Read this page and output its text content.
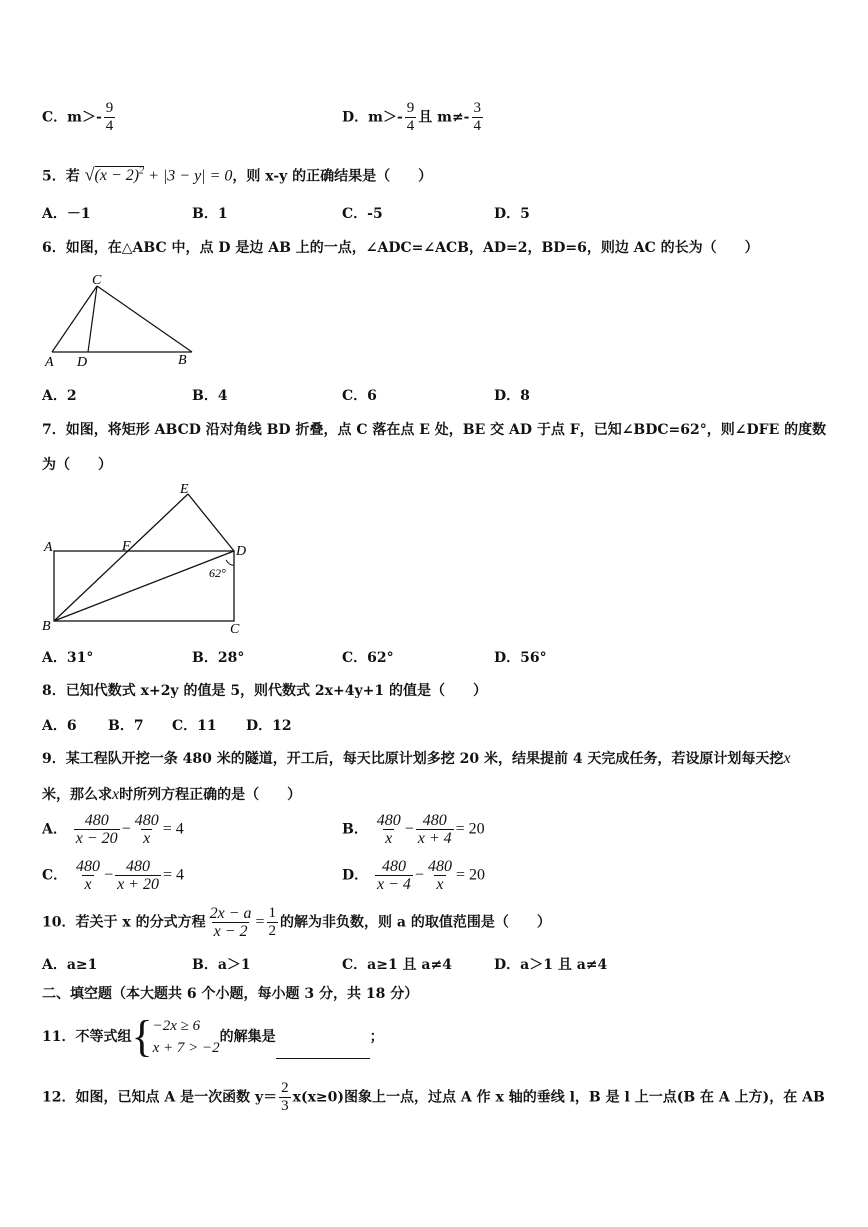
C．$m>- \frac{9}{4}$	D．$m>- \frac{9}{4}$ 且 $m\ne- \frac{3}{4}$
5．若 $√(x - 2)^2 + |3 - y| = 0$，则 x-y 的正确结果是（　　）
A．－1	B．1	C．-5	D．5
6．如图，在△ABC 中，点 D 是边 AB 上的一点，∠ADC=∠ACB，AD=2，BD=6，则边 AC 的长为（　　）
C
A D	B
A．2	B．4	C．6	D．8
7．如图，将矩形 ABCD 沿对角线 BD 折叠，点 C 落在点 E 处，BE 交 AD 于点 F，已知∠BDC=62°，则∠DFE 的度数
为（　　）
E
A	F	D
B	C
62°
A．31°	B．28°	C．62°	D．56°
8．已知代数式 x+2y 的值是 5，则代数式 2x+4y+1 的值是（　　）
A．6 B．7 C．11 D．12
9．某工程队开挖一条 480 米的隧道，开工后，每天比原计划多挖 20 米，结果提前 4 天完成任务，若设原计划每天挖x
米，那么求x时所列方程正确的是（　　）
A． $\frac{480}{x - 20} - \frac{480}{x} = 4$	B． $\frac{480}{x} - \frac{480}{x + 4} = 20$
C． $\frac{480}{x} - \frac{480}{x + 20} = 4$	D． $\frac{480}{x - 4} - \frac{480}{x} = 20$
10．若关于 x 的分式方程 $\frac{2x - a}{x - 2} = \frac{1}{2}$ 的解为非负数，则 a 的取值范围是（　　）
A．a≥1	B．a＞1	C．a≥1 且 a≠4	D．a＞1 且 a≠4
二、填空题（本大题共 6 个小题，每小题 3 分，共 18 分）
11．不等式组{ −2x ≥ 6
x + 7 > −2
的解集是	；
12．如图，已知点 A 是一次函数 $y= \frac{2}{3} x(x\ge 0)$图象上一点，过点 A 作 x 轴的垂线 l，B 是 l 上一点(B 在 A 上方)，在 AB
